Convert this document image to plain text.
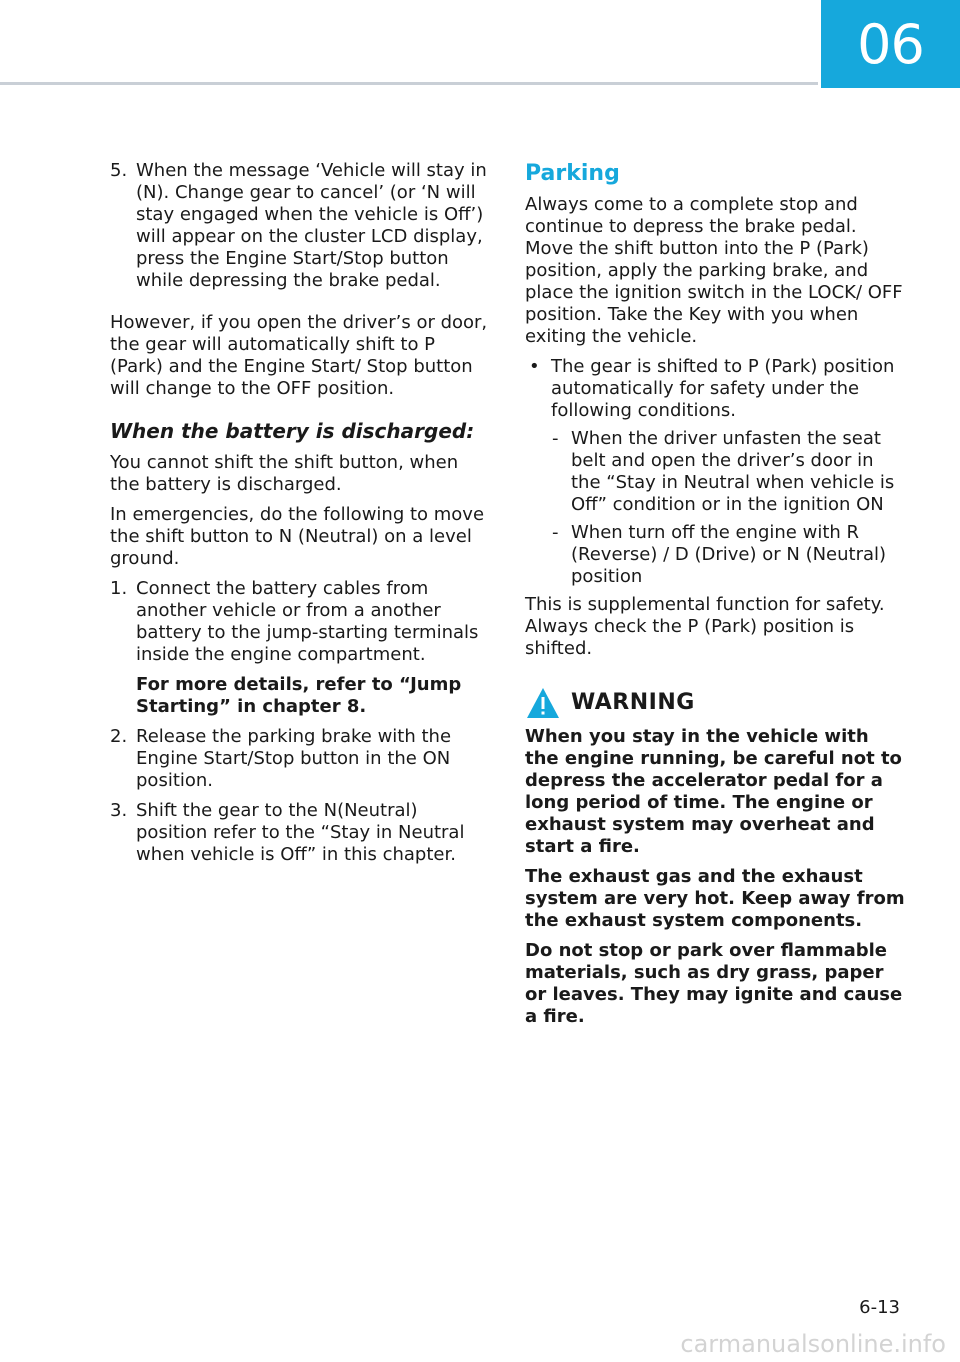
06
5. When the message ‘Vehicle will stay in (N). Change gear to cancel’ (or ‘N will stay engaged when the vehicle is Off’) will appear on the cluster LCD display, press the Engine Start/Stop button while depressing the brake pedal.

However, if you open the driver’s or door, the gear will automatically shift to P (Park) and the Engine Start/ Stop button will change to the OFF position.

When the battery is discharged:

You cannot shift the shift button, when the battery is discharged.

In emergencies, do the following to move the shift button to N (Neutral) on a level ground.

1. Connect the battery cables from another vehicle or from a another battery to the jump-starting terminals inside the engine compartment.

For more details, refer to “Jump Starting” in chapter 8.

2. Release the parking brake with the Engine Start/Stop button in the ON position.

3. Shift the gear to the N(Neutral) position refer to the “Stay in Neutral when vehicle is Off” in this chapter.

Parking

Always come to a complete stop and continue to depress the brake pedal. Move the shift button into the P (Park) position, apply the parking brake, and place the ignition switch in the LOCK/ OFF position. Take the Key with you when exiting the vehicle.

• The gear is shifted to P (Park) position automatically for safety under the following conditions.

- When the driver unfasten the seat belt and open the driver’s door in the “Stay in Neutral when vehicle is Off” condition or in the ignition ON

- When turn off the engine with R (Reverse) / D (Drive) or N (Neutral) position

This is supplemental function for safety. Always check the P (Park) position is shifted.

WARNING

When you stay in the vehicle with the engine running, be careful not to depress the accelerator pedal for a long period of time. The engine or exhaust system may overheat and start a fire.

The exhaust gas and the exhaust system are very hot. Keep away from the exhaust system components.

Do not stop or park over flammable materials, such as dry grass, paper or leaves. They may ignite and cause a fire.

6-13
carmanualsonline.info
